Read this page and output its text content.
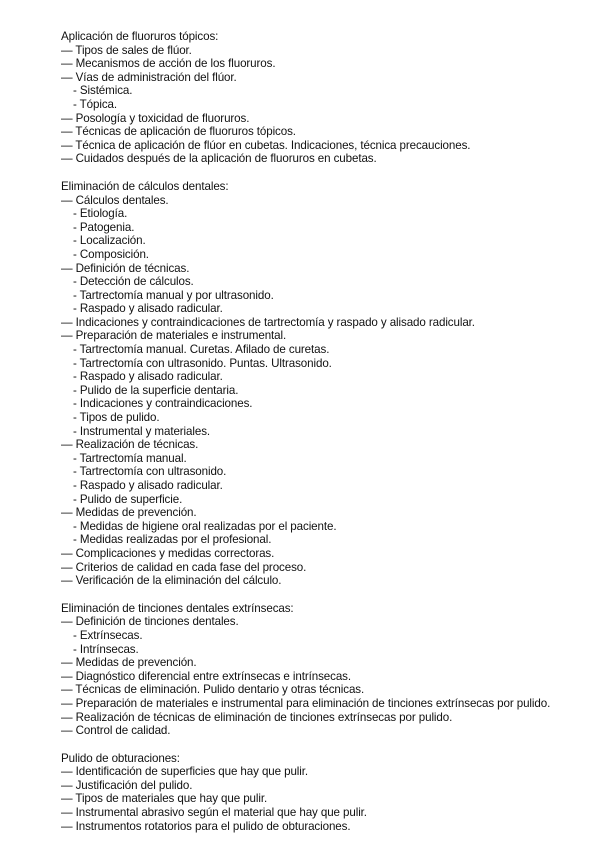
Aplicación de fluoruros tópicos:
— Tipos de sales de flúor.
— Mecanismos de acción de los fluoruros.
— Vías de administración del flúor.
- Sistémica.
- Tópica.
— Posología y toxicidad de fluoruros.
— Técnicas de aplicación de fluoruros tópicos.
— Técnica de aplicación de flúor en cubetas. Indicaciones, técnica precauciones.
— Cuidados después de la aplicación de fluoruros en cubetas.
Eliminación de cálculos dentales:
— Cálculos dentales.
- Etiología.
- Patogenia.
- Localización.
- Composición.
— Definición de técnicas.
- Detección de cálculos.
- Tartrectomía manual y por ultrasonido.
- Raspado y alisado radicular.
— Indicaciones y contraindicaciones de tartrectomía y raspado y alisado radicular.
— Preparación de materiales e instrumental.
- Tartrectomía manual. Curetas. Afilado de curetas.
- Tartrectomía con ultrasonido. Puntas. Ultrasonido.
- Raspado y alisado radicular.
- Pulido de la superficie dentaria.
- Indicaciones y contraindicaciones.
- Tipos de pulido.
- Instrumental y materiales.
— Realización de técnicas.
- Tartrectomía manual.
- Tartrectomía con ultrasonido.
- Raspado y alisado radicular.
- Pulido de superficie.
— Medidas de prevención.
- Medidas de higiene oral realizadas por el paciente.
- Medidas realizadas por el profesional.
— Complicaciones y medidas correctoras.
— Criterios de calidad en cada fase del proceso.
— Verificación de la eliminación del cálculo.
Eliminación de tinciones dentales extrínsecas:
— Definición de tinciones dentales.
- Extrínsecas.
- Intrínsecas.
— Medidas de prevención.
— Diagnóstico diferencial entre extrínsecas e intrínsecas.
— Técnicas de eliminación. Pulido dentario y otras técnicas.
— Preparación de materiales e instrumental para eliminación de tinciones extrínsecas por pulido.
— Realización de técnicas de eliminación de tinciones extrínsecas por pulido.
— Control de calidad.
Pulido de obturaciones:
— Identificación de superficies que hay que pulir.
— Justificación del pulido.
— Tipos de materiales que hay que pulir.
— Instrumental abrasivo según el material que hay que pulir.
— Instrumentos rotatorios para el pulido de obturaciones.
